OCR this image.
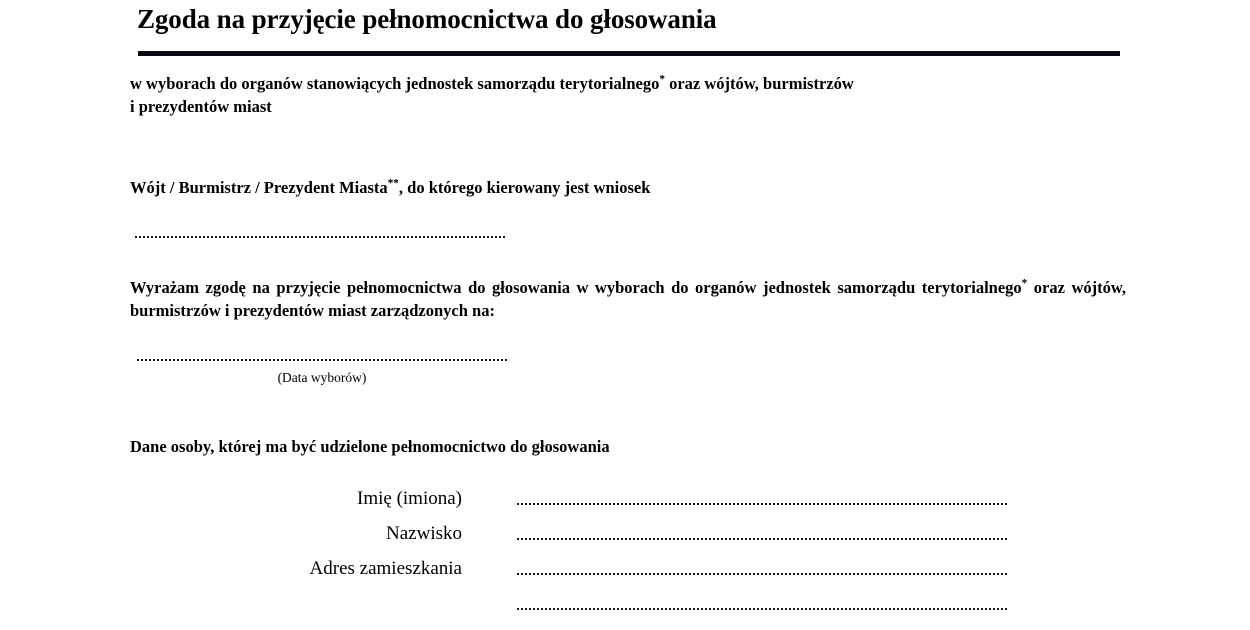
Zgoda na przyjęcie pełnomocnictwa do głosowania
w wyborach do organów stanowiących jednostek samorządu terytorialnego* oraz wójtów, burmistrzów
i prezydentów miast
Wójt / Burmistrz / Prezydent Miasta**, do którego kierowany jest wniosek
Wyrażam zgodę na przyjęcie pełnomocnictwa do głosowania w wyborach do organów jednostek samorządu terytorialnego* oraz wójtów, burmistrzów i prezydentów miast zarządzonych na:
(Data wyborów)
Dane osoby, której ma być udzielone pełnomocnictwo do głosowania
Imię (imiona)
Nazwisko
Adres zamieszkania
